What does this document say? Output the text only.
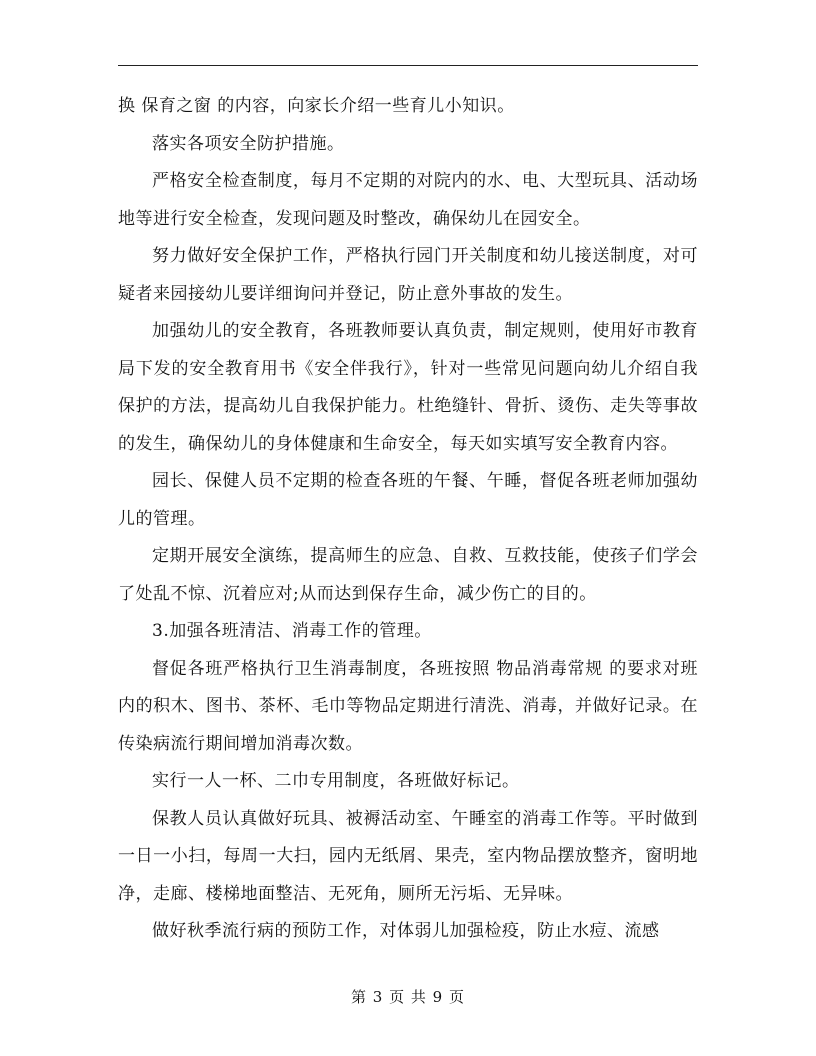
换 保育之窗 的内容，向家长介绍一些育儿小知识。

落实各项安全防护措施。

严格安全检查制度，每月不定期的对院内的水、电、大型玩具、活动场地等进行安全检查，发现问题及时整改，确保幼儿在园安全。

努力做好安全保护工作，严格执行园门开关制度和幼儿接送制度，对可疑者来园接幼儿要详细询问并登记，防止意外事故的发生。

加强幼儿的安全教育，各班教师要认真负责，制定规则，使用好市教育局下发的安全教育用书《安全伴我行》，针对一些常见问题向幼儿介绍自我保护的方法，提高幼儿自我保护能力。杜绝缝针、骨折、烫伤、走失等事故的发生，确保幼儿的身体健康和生命安全，每天如实填写安全教育内容。

园长、保健人员不定期的检查各班的午餐、午睡，督促各班老师加强幼儿的管理。

定期开展安全演练，提高师生的应急、自救、互救技能，使孩子们学会了处乱不惊、沉着应对;从而达到保存生命，减少伤亡的目的。

3.加强各班清洁、消毒工作的管理。

督促各班严格执行卫生消毒制度，各班按照 物品消毒常规 的要求对班内的积木、图书、茶杯、毛巾等物品定期进行清洗、消毒，并做好记录。在传染病流行期间增加消毒次数。

实行一人一杯、二巾专用制度，各班做好标记。

保教人员认真做好玩具、被褥活动室、午睡室的消毒工作等。平时做到一日一小扫，每周一大扫，园内无纸屑、果壳，室内物品摆放整齐，窗明地净，走廊、楼梯地面整洁、无死角，厕所无污垢、无异味。

做好秋季流行病的预防工作，对体弱儿加强检疫，防止水痘、流感

第 3 页 共 9 页
